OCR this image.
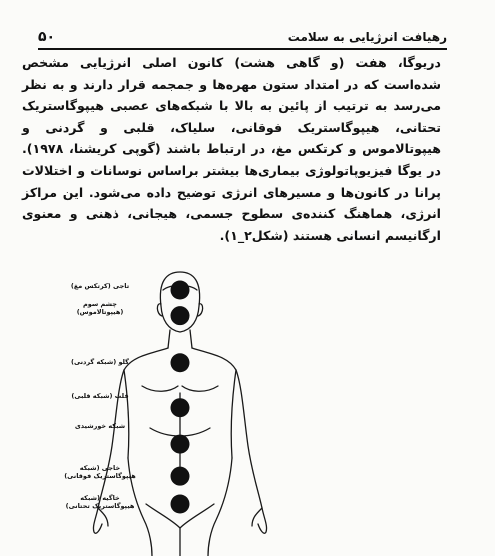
رهیافت انرژیایی به سلامت
۵۰
دریوگا، هفت (و گاهی هشت) کانون اصلی انرژیایی مشخص شده‌است که در امتداد ستون مهره‌ها و جمجمه قرار دارند و به نظر می‌رسد به ترتیب از پائین به بالا با شبکه‌های عصبی هیپوگاستریک تحتانی، هیپوگاستریک فوقانی، سلیاک، قلبی و گردنی و هیپوتالاموس و کرتکس مغ، در ارتباط باشند (گوپی کریشنا، ۱۹۷۸). در یوگا فیزیوپاتولوژی بیماری‌ها بیشتر براساس نوسانات و اختلالات پرانا در کانون‌ها و مسیرهای انرژی توضیح داده می‌شود. این مراکز انرژی، هماهنگ کننده‌ی سطوح جسمی، هیجانی، ذهنی و معنوی ارگانیسم انسانی هستند (شکل۲_۱).
تاجی (کرتکس مغ)
چشم سوم (هیپوتالاموس)
گلو (شبکه گردنی)
قلب (شبکه قلبی)
شبکه خورشیدی
خاجی (شبکه هیپوگاستریک فوقانی)
خاگیه (شبکه هیپوگاستریک تحتانی)
